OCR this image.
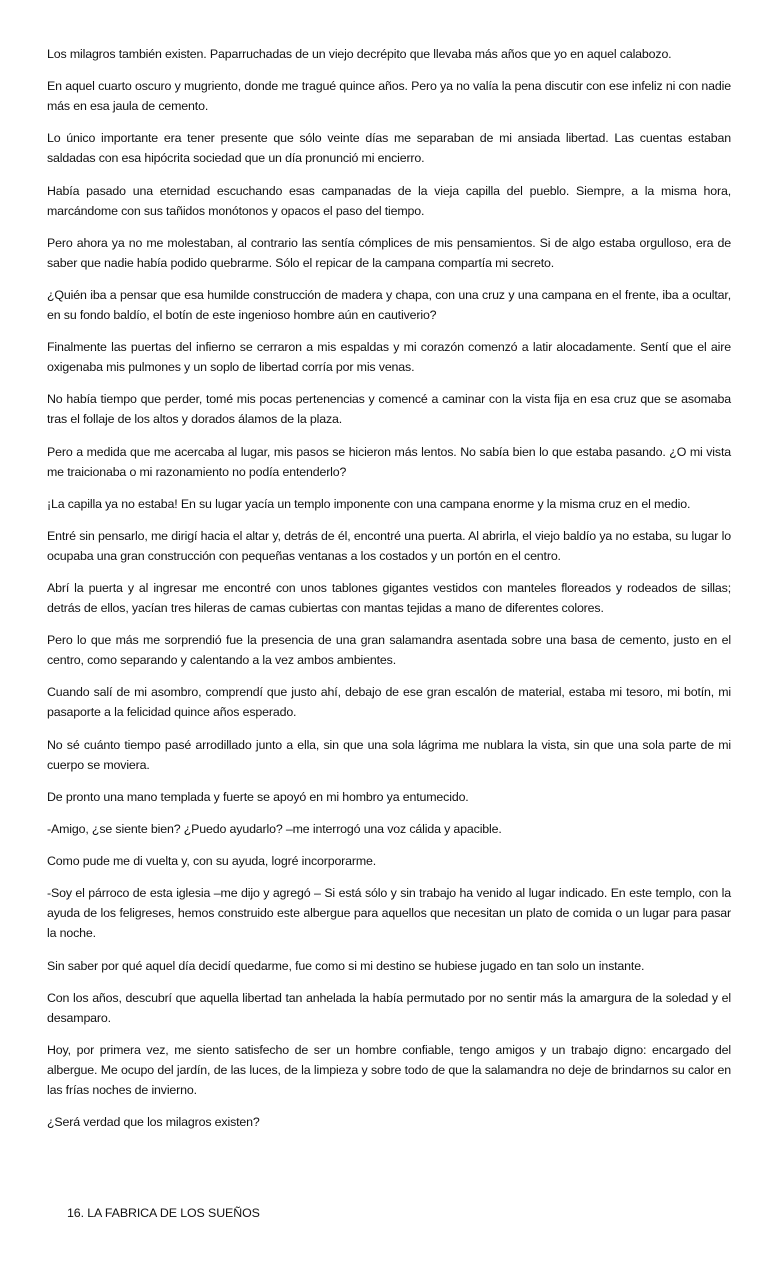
Los milagros también existen. Paparruchadas de un viejo decrépito que llevaba más años que yo en aquel calabozo.

En aquel cuarto oscuro y mugriento, donde me tragué quince años. Pero ya no valía la pena discutir con ese infeliz ni con nadie más en esa jaula de cemento.

Lo único importante era tener presente que sólo veinte días me separaban de mi ansiada libertad. Las cuentas estaban saldadas con esa hipócrita sociedad que un día pronunció mi encierro.

Había pasado una eternidad escuchando esas campanadas de la vieja capilla del pueblo. Siempre, a la misma hora, marcándome con sus tañidos monótonos y opacos el paso del tiempo.

Pero ahora ya no me molestaban, al contrario las sentía cómplices de mis pensamientos. Si de algo estaba orgulloso, era de saber que nadie había podido quebrarme. Sólo el repicar de la campana compartía mi secreto.

¿Quién iba a pensar que esa humilde construcción de madera y chapa, con una cruz y una campana en el frente, iba a ocultar, en su fondo baldío, el botín de este ingenioso hombre aún en cautiverio?

Finalmente las puertas del infierno se cerraron a mis espaldas y mi corazón comenzó a latir alocadamente. Sentí que el aire oxigenaba mis pulmones y un soplo de libertad corría por mis venas.

No había tiempo que perder, tomé mis pocas pertenencias y comencé a caminar con la vista fija en esa cruz que se asomaba tras el follaje de los altos y dorados álamos de la plaza.

Pero a medida que me acercaba al lugar, mis pasos se hicieron más lentos. No sabía bien lo que estaba pasando. ¿O mi vista me traicionaba o mi razonamiento no podía entenderlo?

¡La capilla ya no estaba! En su lugar yacía un templo imponente con una campana enorme y la misma cruz en el medio.

Entré sin pensarlo, me dirigí hacia el altar y, detrás de él, encontré una puerta. Al abrirla, el viejo baldío ya no estaba, su lugar lo ocupaba una gran construcción con pequeñas ventanas a los costados y un portón en el centro.

Abrí la puerta y al ingresar me encontré con unos tablones gigantes vestidos con manteles floreados y rodeados de sillas; detrás de ellos, yacían tres hileras de camas cubiertas con mantas tejidas a mano de diferentes colores.

Pero lo que más me sorprendió fue la presencia de una gran salamandra asentada sobre una basa de cemento, justo en el centro, como separando y calentando a la vez ambos ambientes.

Cuando salí de mi asombro, comprendí que justo ahí, debajo de ese gran escalón de material, estaba mi tesoro, mi botín, mi pasaporte a la felicidad quince años esperado.

No sé cuánto tiempo pasé arrodillado junto a ella, sin que una sola lágrima me nublara la vista, sin que una sola parte de mi cuerpo se moviera.

De pronto una mano templada y fuerte se apoyó en mi hombro ya entumecido.

-Amigo, ¿se siente bien? ¿Puedo ayudarlo? –me interrogó una voz cálida y apacible.

Como pude me di vuelta y, con su ayuda, logré incorporarme.

-Soy el párroco de esta iglesia –me dijo y agregó – Si está sólo y sin trabajo ha venido al lugar indicado. En este templo, con la ayuda de los feligreses, hemos construido este albergue para aquellos que necesitan un plato de comida o un lugar para pasar la noche.

Sin saber por qué aquel día decidí quedarme, fue como si mi destino se hubiese jugado en tan solo un instante.

Con los años, descubrí que aquella libertad tan anhelada la había permutado por no sentir más la amargura de la soledad y el desamparo.

Hoy, por primera vez, me siento satisfecho de ser un hombre confiable, tengo amigos y un trabajo digno: encargado del albergue. Me ocupo del jardín, de las luces, de la limpieza y sobre todo de que la salamandra no deje de brindarnos su calor en las frías noches de invierno.

¿Será verdad que los milagros existen?

16. LA FABRICA DE LOS SUEÑOS
